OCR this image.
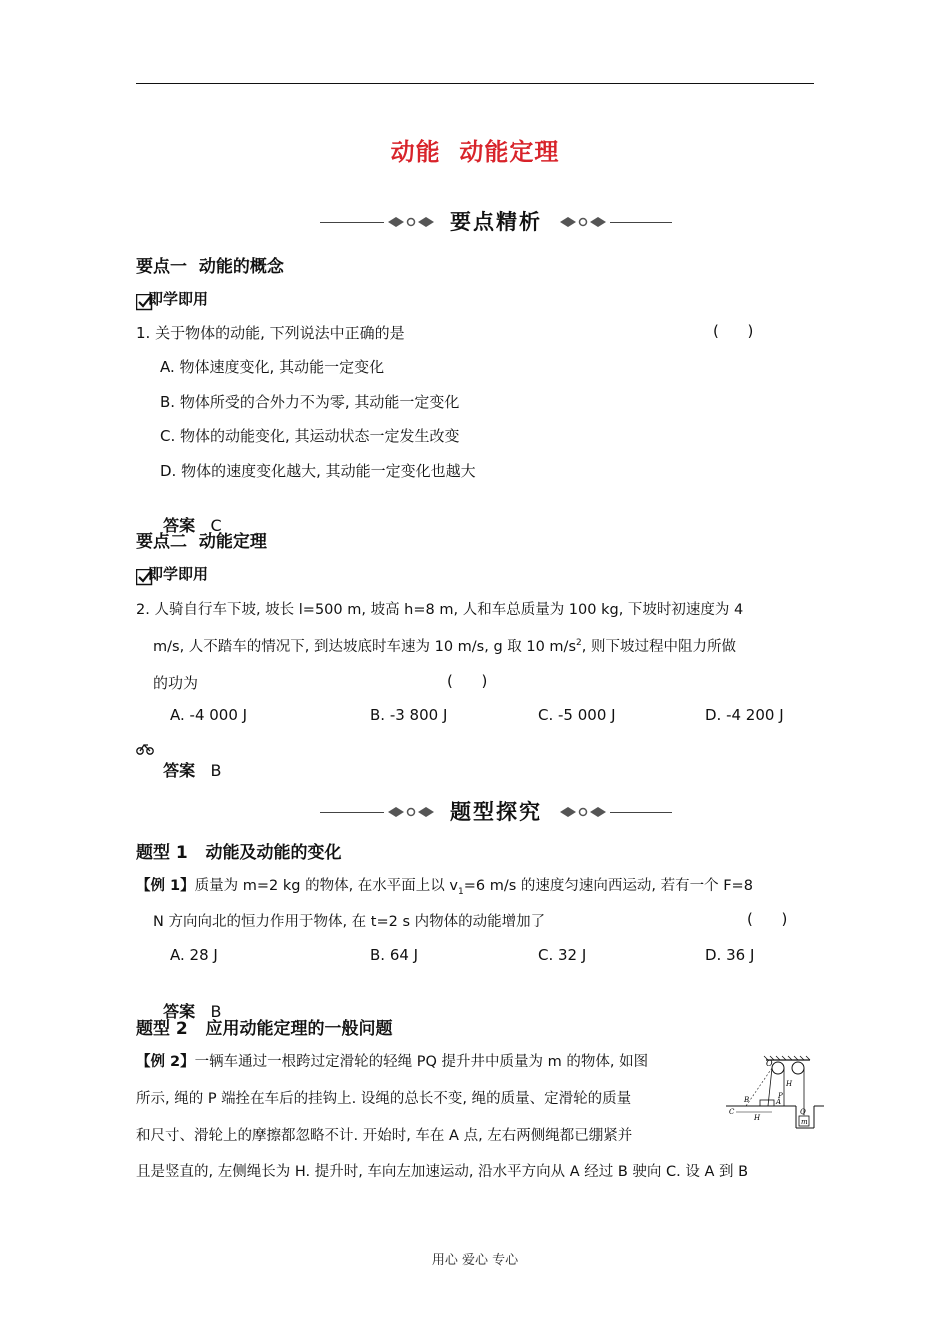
动能  动能定理
要点精析
要点一  动能的概念
即学即用
1. 关于物体的动能, 下列说法中正确的是	(      )
A. 物体速度变化, 其动能一定变化
B. 物体所受的合外力不为零, 其动能一定变化
C. 物体的动能变化, 其运动状态一定发生改变
D. 物体的速度变化越大, 其动能一定变化也越大

答案 C

要点二  动能定理
即学即用
2. 人骑自行车下坡, 坡长 l=500 m, 坡高 h=8 m, 人和车总质量为 100 kg, 下坡时初速度为 4
m/s, 人不踏车的情况下, 到达坡底时车速为 10 m/s, g 取 10 $m/s^2$, 则下坡过程中阻力所做
的功为	(      )
A. -4 000 J	B. -3 800 J	C. -5 000 J	D. -4 200 J

答案 B

题型探究
题型 1   动能及动能的变化
【例 1】质量为 m=2 kg 的物体, 在水平面上以 $v_1=6$ m/s 的速度匀速向西运动, 若有一个 F=8
N 方向向北的恒力作用于物体, 在 t=2 s 内物体的动能增加了	(      )
A. 28 J	B. 64 J	C. 32 J	D. 36 J

答案 B

题型 2   应用动能定理的一般问题
【例 2】一辆车通过一根跨过定滑轮的轻绳 PQ 提升井中质量为 m 的物体, 如图
所示, 绳的 P 端拴在车后的挂钩上. 设绳的总长不变, 绳的质量、定滑轮的质量
和尺寸、滑轮上的摩擦都忽略不计. 开始时, 车在 A 点, 左右两侧绳都已绷紧并
且是竖直的, 左侧绳长为 H. 提升时, 车向左加速运动, 沿水平方向从 A 经过 B 驶向 C. 设 A 到 B
O
H
P
B	A
C
H
Q
m
用心 爱心 专心
